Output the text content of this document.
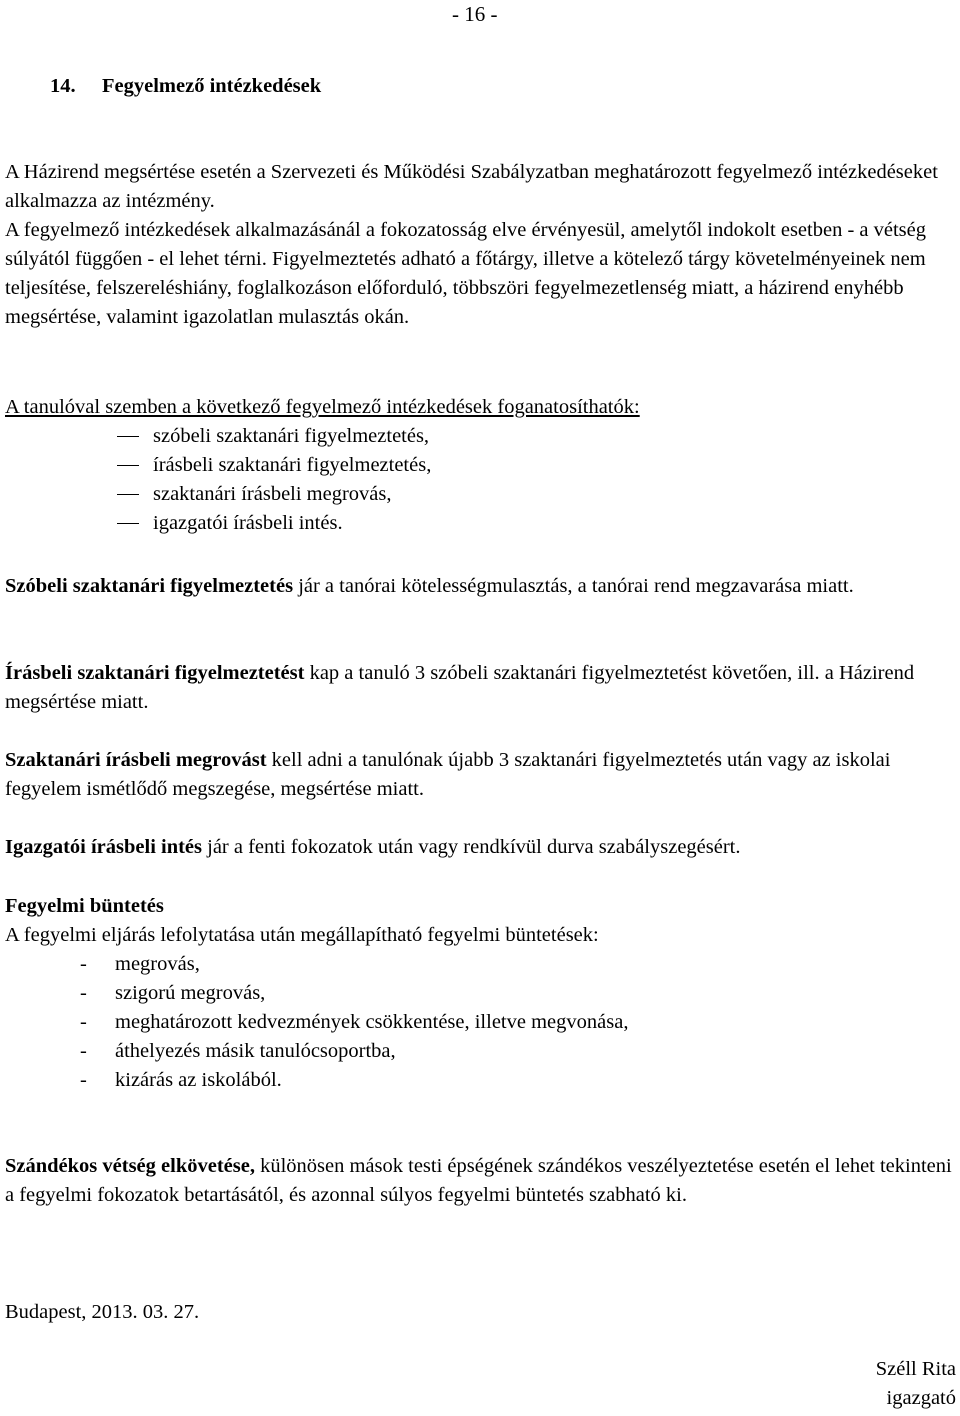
- 16 -
14. Fegyelmező intézkedések

A Házirend megsértése esetén a Szervezeti és Működési Szabályzatban meghatározott fegyelmező intézkedéseket alkalmazza az intézmény.

A fegyelmező intézkedések alkalmazásánál a fokozatosság elve érvényesül, amelytől indokolt esetben - a vétség súlyától függően - el lehet térni. Figyelmeztetés adható a főtárgy, illetve a kötelező tárgy követelményeinek nem teljesítése, felszereléshiány, foglalkozáson előforduló, többszöri fegyelmezetlenség miatt, a házirend enyhébb megsértése, valamint igazolatlan mulasztás okán.

A tanulóval szemben a következő fegyelmező intézkedések foganatosíthatók:
szóbeli szaktanári figyelmeztetés,
írásbeli szaktanári figyelmeztetés,
szaktanári írásbeli megrovás,
igazgatói írásbeli intés.

Szóbeli szaktanári figyelmeztetés jár a tanórai kötelességmulasztás, a tanórai rend megzavarása miatt.

Írásbeli szaktanári figyelmeztetést kap a tanuló 3 szóbeli szaktanári figyelmeztetést követően, ill. a Házirend megsértése miatt.

Szaktanári írásbeli megrovást kell adni a tanulónak újabb 3 szaktanári figyelmeztetés után vagy az iskolai fegyelem ismétlődő megszegése, megsértése miatt.

Igazgatói írásbeli intés jár a fenti fokozatok után vagy rendkívül durva szabályszegésért.

Fegyelmi büntetés
A fegyelmi eljárás lefolytatása után megállapítható fegyelmi büntetések:
- megrovás,
- szigorú megrovás,
- meghatározott kedvezmények csökkentése, illetve megvonása,
- áthelyezés másik tanulócsoportba,
- kizárás az iskolából.

Szándékos vétség elkövetése, különösen mások testi épségének szándékos veszélyeztetése esetén el lehet tekinteni a fegyelmi fokozatok betartásától, és azonnal súlyos fegyelmi büntetés szabható ki.

Budapest, 2013. 03. 27.
Széll Rita
igazgató
